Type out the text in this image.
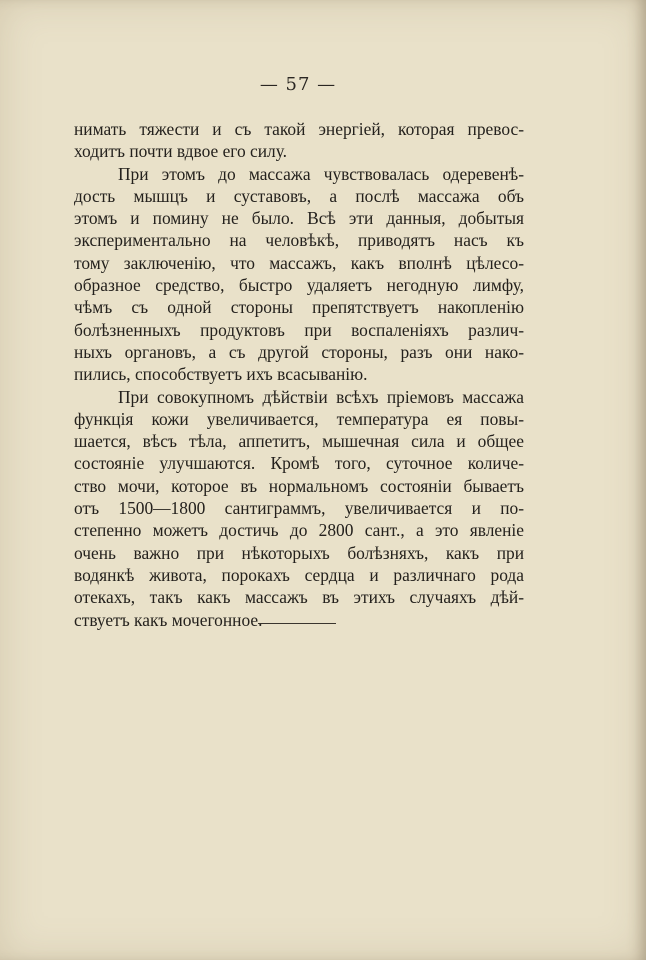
— 57 —
нимать тяжести и съ такой энергіей, которая превос-
ходитъ почти вдвое его силу.
При этомъ до массажа чувствовалась одеревенѣ-
дость мышцъ и суставовъ, а послѣ массажа объ
этомъ и помину не было. Всѣ эти данныя, добытыя
экспериментально на человѣкѣ, приводятъ насъ къ
тому заключенію, что массажъ, какъ вполнѣ цѣлесо-
образное средство, быстро удаляетъ негодную лимфу,
чѣмъ съ одной стороны препятствуетъ накопленію
болѣзненныхъ продуктовъ при воспаленіяхъ различ-
ныхъ органовъ, а съ другой стороны, разъ они нако-
пились, способствуетъ ихъ всасыванію.
При совокупномъ дѣйствіи всѣхъ пріемовъ массажа
функція кожи увеличивается, температура ея повы-
шается, вѣсъ тѣла, аппетитъ, мышечная сила и общее
состояніе улучшаются. Кромѣ того, суточное количе-
ство мочи, которое въ нормальномъ состояніи бываетъ
отъ 1500—1800 сантиграммъ, увеличивается и по-
степенно можетъ достичь до 2800 сант., а это явленіе
очень важно при нѣкоторыхъ болѣзняхъ, какъ при
водянкѣ живота, порокахъ сердца и различнаго рода
отекахъ, такъ какъ массажъ въ этихъ случаяхъ дѣй-
ствуетъ какъ мочегонное.
